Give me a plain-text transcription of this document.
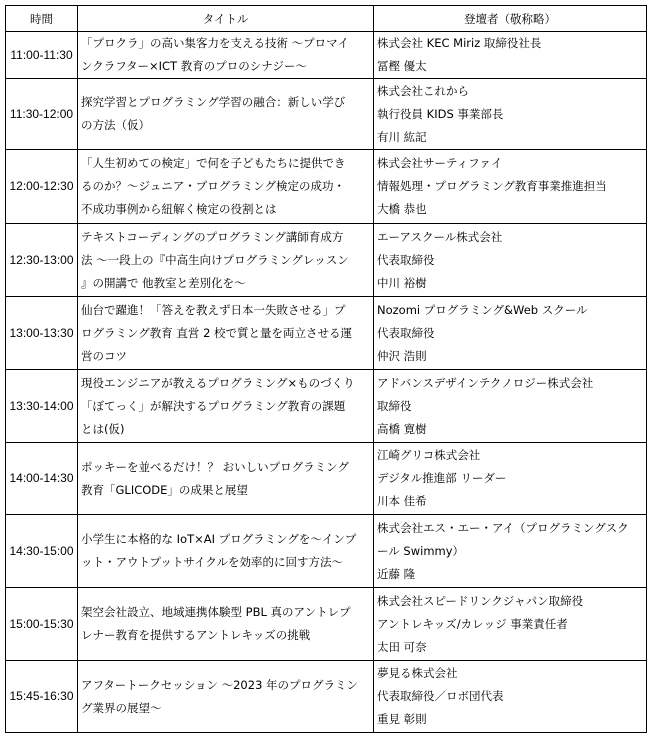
時間	タイトル	登壇者（敬称略）
11:00-11:30	「プロクラ」の高い集客力を支える技術 〜プロマイ
ンクラフター×ICT 教育のプロのシナジー〜	株式会社 KEC Miriz 取締役社長
冨樫 優太

11:30-12:00	探究学習とプログラミング学習の融合：新しい学び
の方法（仮）	株式会社これから
執行役員 KIDS 事業部長
有川 紘記

12:00-12:30	「人生初めての検定」で何を子どもたちに提供でき
るのか？〜ジュニア・プログラミング検定の成功・
不成功事例から紐解く検定の役割とは	株式会社サーティファイ
情報処理・プログラミング教育事業推進担当
大橋 恭也

12:30-13:00	テキストコーディングのプログラミング講師育成方
法 〜一段上の『中高生向けプログラミングレッスン
』の開講で 他教室と差別化を〜	エーアスクール株式会社
代表取締役
中川 裕樹

13:00-13:30	仙台で躍進！「答えを教えず日本一失敗させる」プ
ログラミング教育 直営 2 校で質と量を両立させる運
営のコツ	Nozomi プログラミング&Web スクール
代表取締役
仲沢 浩則

13:30-14:00	現役エンジニアが教えるプログラミング×ものづくり
「ぼてっく」が解決するプログラミング教育の課題
とは(仮)	アドバンスデザインテクノロジー株式会社
取締役
高橋 寛樹

14:00-14:30	ポッキーを並べるだけ！？ おいしいプログラミング
教育「GLICODE」の成果と展望	江崎グリコ株式会社
デジタル推進部 リーダー
川本 佳希

14:30-15:00	小学生に本格的な IoT×AI プログラミングを〜インプ
ット・アウトプットサイクルを効率的に回す方法〜	株式会社エス・エー・アイ（プログラミングスク
ール Swimmy）
近藤 隆

15:00-15:30	架空会社設立、地域連携体験型 PBL 真のアントレプ
レナー教育を提供するアントレキッズの挑戦	株式会社スピードリンクジャパン取締役
アントレキッズ/カレッジ 事業責任者
太田 可奈

15:45-16:30	アフタートークセッション 〜2023 年のプログラミン
グ業界の展望〜	夢見る株式会社
代表取締役／ロボ団代表
重見 彰則
